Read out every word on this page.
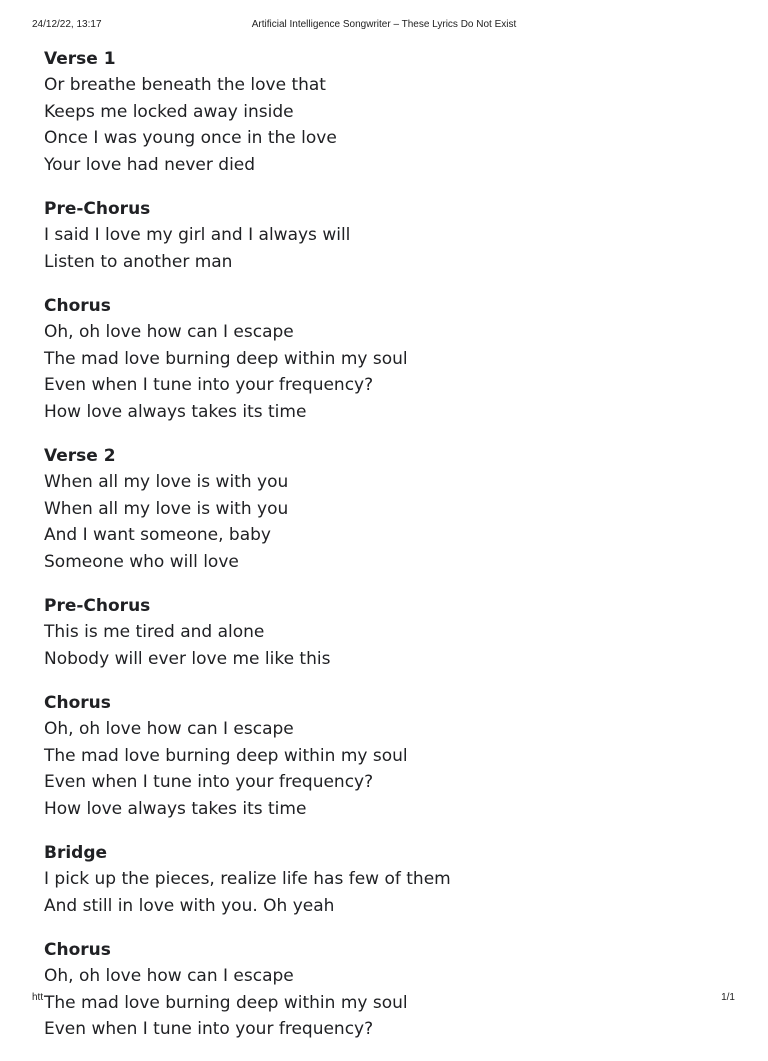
24/12/22, 13:17	Artificial Intelligence Songwriter – These Lyrics Do Not Exist
Verse 1
Or breathe beneath the love that
Keeps me locked away inside
Once I was young once in the love
Your love had never died
Pre-Chorus
I said I love my girl and I always will
Listen to another man
Chorus
Oh, oh love how can I escape
The mad love burning deep within my soul
Even when I tune into your frequency?
How love always takes its time
Verse 2
When all my love is with you
When all my love is with you
And I want someone, baby
Someone who will love
Pre-Chorus
This is me tired and alone
Nobody will ever love me like this
Chorus
Oh, oh love how can I escape
The mad love burning deep within my soul
Even when I tune into your frequency?
How love always takes its time
Bridge
I pick up the pieces, realize life has few of them
And still in love with you. Oh yeah
Chorus
Oh, oh love how can I escape
The mad love burning deep within my soul
Even when I tune into your frequency?
htt	1/1
